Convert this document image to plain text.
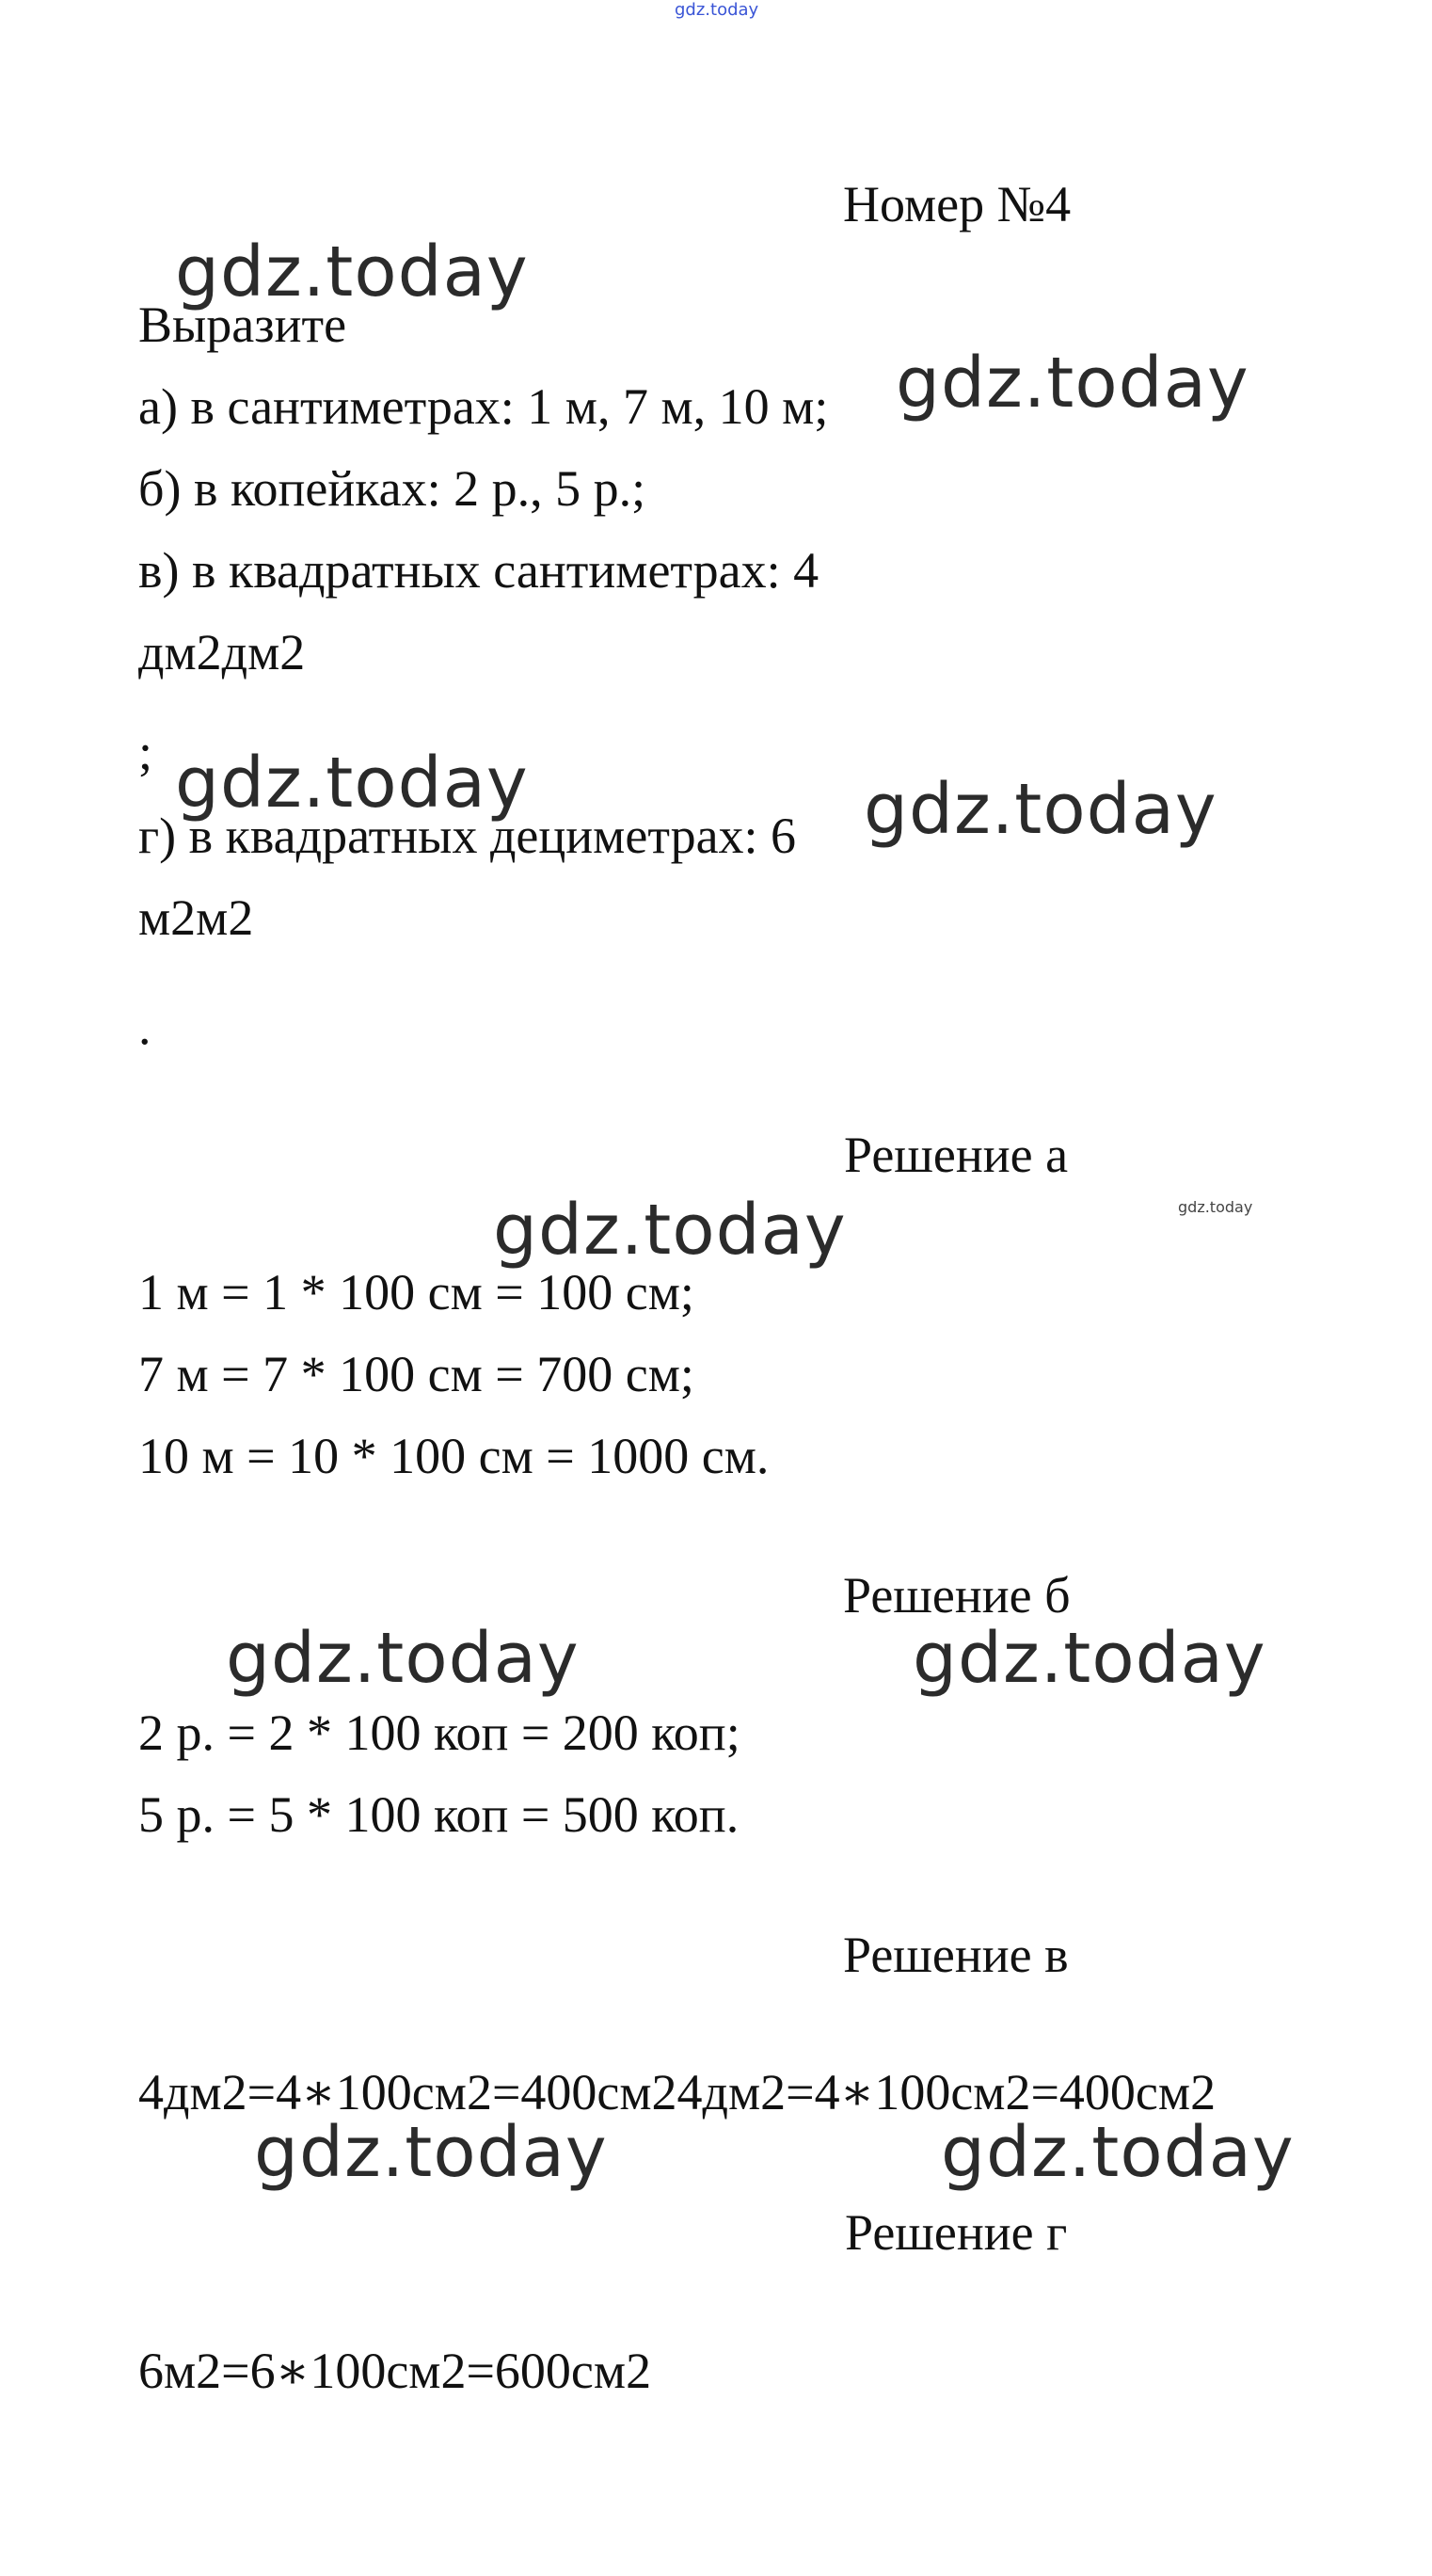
gdz.today

Номер №4

gdz.today

Выразите

а) в сантиметрах: 1 м, 7 м, 10 м; gdz.today

б) в копейках: 2 р., 5 р.;

в) в квадратных сантиметрах: 4

дм2дм2

; gdz.today	gdz.today

г) в квадратных дециметрах: 6

м2м2

.

Решение а

gdz.today

gdz.today

1 м = 1 * 100 см = 100 см;

7 м = 7 * 100 см = 700 см;

10 м = 10 * 100 см = 1000 см.

Решение б

gdz.today	gdz.today

2 р. = 2 * 100 коп = 200 коп;

5 р. = 5 * 100 коп = 500 коп.

Решение в

4дм2=4∗100см2=400см24дм2=4∗100см2=400см2

gdz.today	gdz.today

Решение г

6м2=6∗100см2=600см2
